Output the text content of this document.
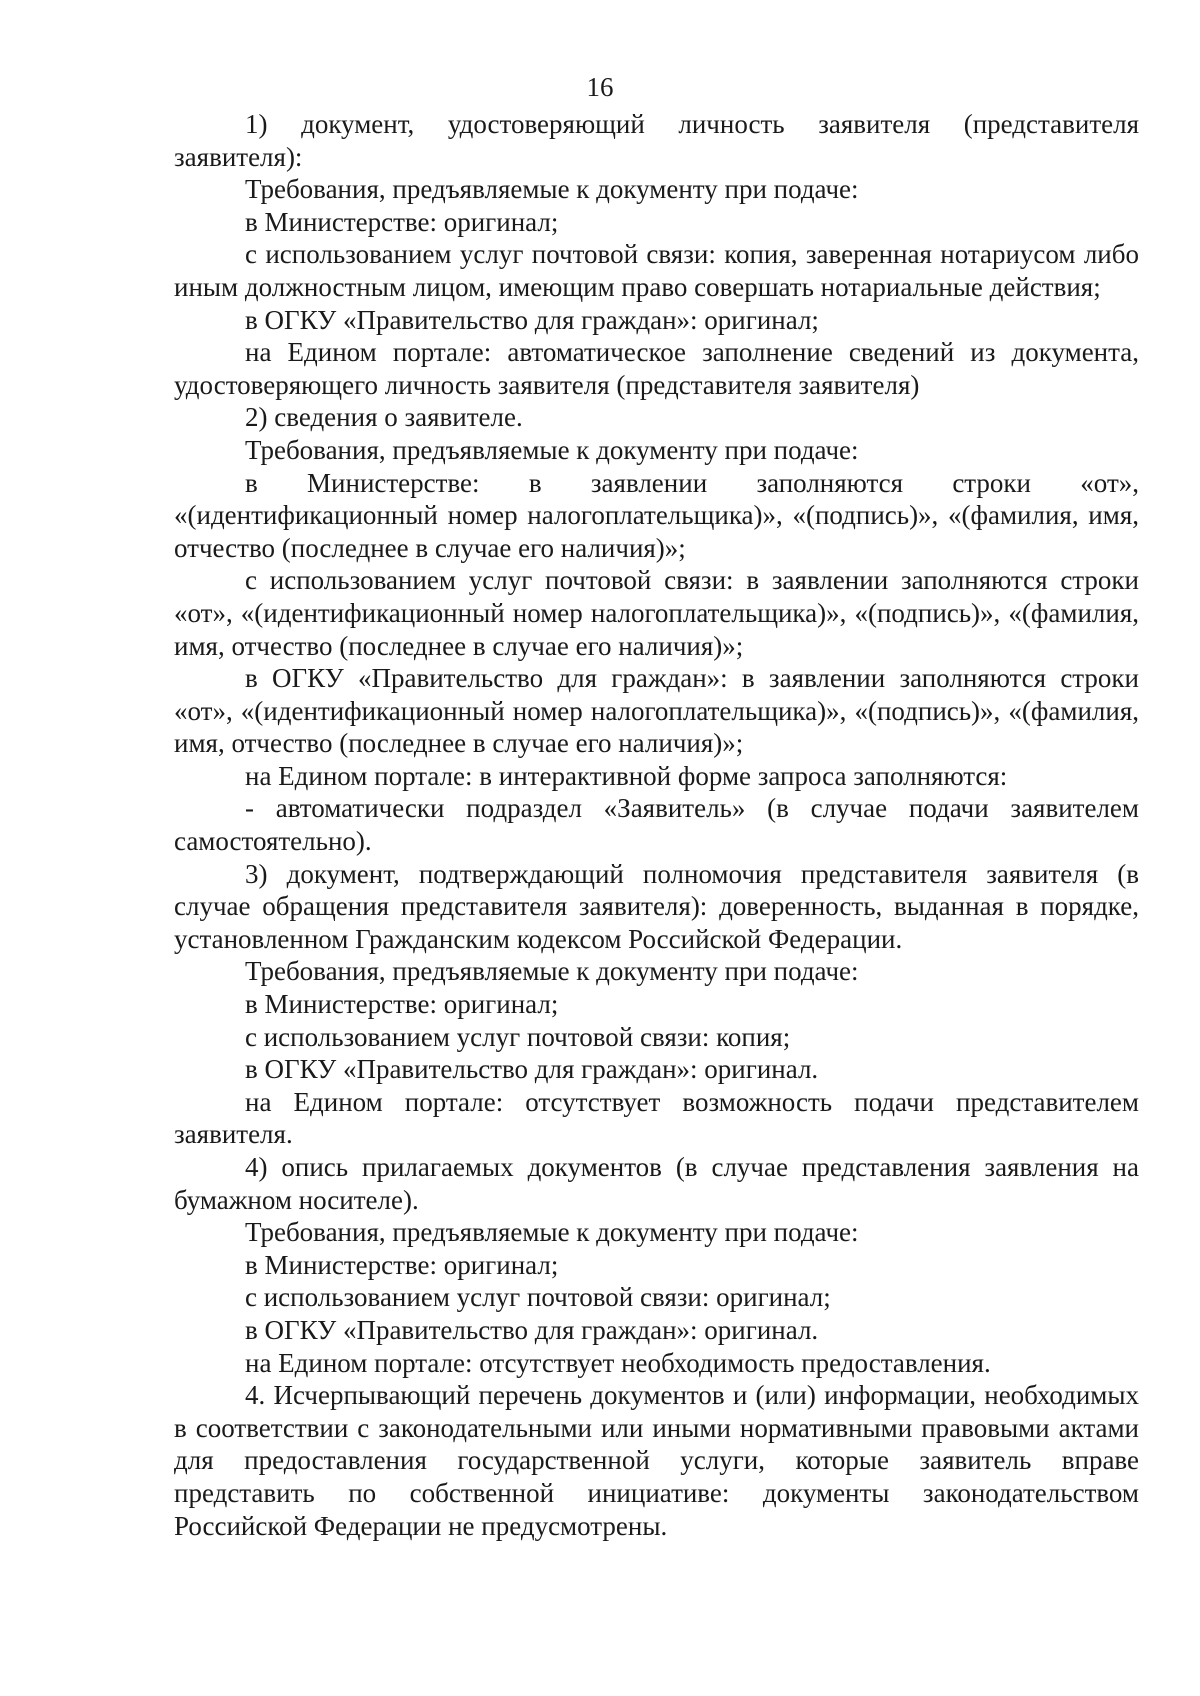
16

1) документ, удостоверяющий личность заявителя (представителя заявителя):

Требования, предъявляемые к документу при подаче:

в Министерстве: оригинал;

с использованием услуг почтовой связи: копия, заверенная нотариусом либо иным должностным лицом, имеющим право совершать нотариальные действия;

в ОГКУ «Правительство для граждан»: оригинал;

на Едином портале: автоматическое заполнение сведений из документа, удостоверяющего личность заявителя (представителя заявителя)

2) сведения о заявителе.

Требования, предъявляемые к документу при подаче:

в Министерстве: в заявлении заполняются строки «от», «(идентификационный номер налогоплательщика)», «(подпись)», «(фамилия, имя, отчество (последнее в случае его наличия)»;

с использованием услуг почтовой связи: в заявлении заполняются строки «от», «(идентификационный номер налогоплательщика)», «(подпись)», «(фамилия, имя, отчество (последнее в случае его наличия)»;

в ОГКУ «Правительство для граждан»: в заявлении заполняются строки «от», «(идентификационный номер налогоплательщика)», «(подпись)», «(фамилия, имя, отчество (последнее в случае его наличия)»;

на Едином портале: в интерактивной форме запроса заполняются:

- автоматически подраздел «Заявитель» (в случае подачи заявителем самостоятельно).

3) документ, подтверждающий полномочия представителя заявителя (в случае обращения представителя заявителя): доверенность, выданная в порядке, установленном Гражданским кодексом Российской Федерации.

Требования, предъявляемые к документу при подаче:

в Министерстве: оригинал;

с использованием услуг почтовой связи: копия;

в ОГКУ «Правительство для граждан»: оригинал.

на Едином портале: отсутствует возможность подачи представителем заявителя.

4) опись прилагаемых документов (в случае представления заявления на бумажном носителе).

Требования, предъявляемые к документу при подаче:

в Министерстве: оригинал;

с использованием услуг почтовой связи: оригинал;

в ОГКУ «Правительство для граждан»: оригинал.

на Едином портале: отсутствует необходимость предоставления.

4. Исчерпывающий перечень документов и (или) информации, необходимых в соответствии с законодательными или иными нормативными правовыми актами для предоставления государственной услуги, которые заявитель вправе представить по собственной инициативе: документы законодательством Российской Федерации не предусмотрены.
